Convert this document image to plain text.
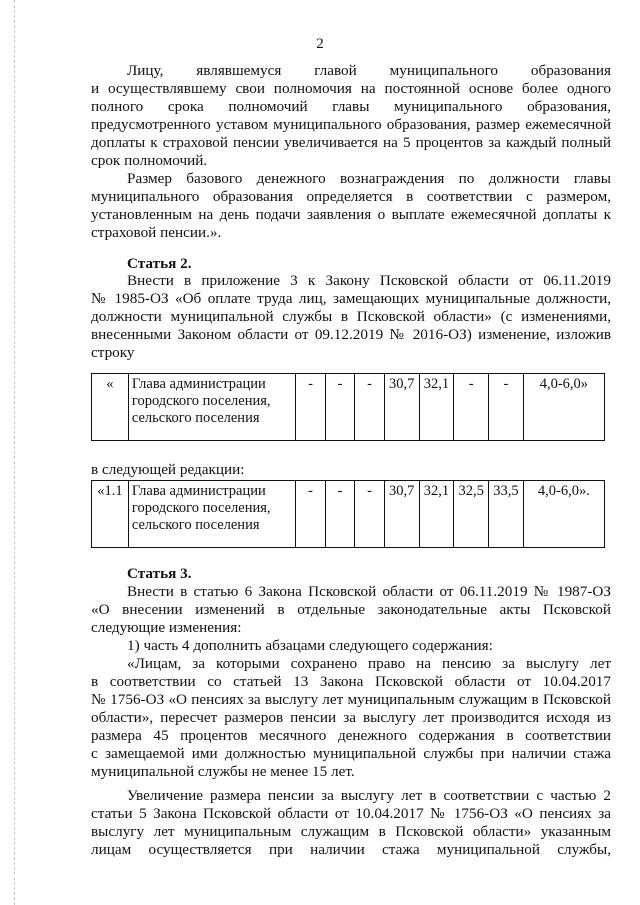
2
Лицу, являвшемуся главой муниципального образования
и осуществлявшему свои полномочия на постоянной основе более одного
полного срока полномочий главы муниципального образования,
предусмотренного уставом муниципального образования, размер ежемесячной
доплаты к страховой пенсии увеличивается на 5 процентов за каждый полный
срок полномочий.
Размер базового денежного вознаграждения по должности главы
муниципального образования определяется в соответствии с размером,
установленным на день подачи заявления о выплате ежемесячной доплаты к
страховой пенсии.».
Статья 2.
Внести в приложение 3 к Закону Псковской области от 06.11.2019
№ 1985-ОЗ «Об оплате труда лиц, замещающих муниципальные должности,
должности муниципальной службы в Псковской области» (с изменениями,
внесенными Законом области от 09.12.2019 № 2016-ОЗ) изменение, изложив
строку
«	Глава администрации
городского поселения,
сельского поселения	-	-	-	30,7	32,1	-	-	4,0-6,0»
в следующей редакции:
«1.1	Глава администрации
городского поселения,
сельского поселения	-	-	-	30,7	32,1	32,5	33,5	4,0-6,0».
Статья 3.
Внести в статью 6 Закона Псковской области от 06.11.2019 № 1987-ОЗ
«О внесении изменений в отдельные законодательные акты Псковской
следующие изменения:
1) часть 4 дополнить абзацами следующего содержания:
«Лицам, за которыми сохранено право на пенсию за выслугу лет
в соответствии со статьей 13 Закона Псковской области от 10.04.2017
№ 1756-ОЗ «О пенсиях за выслугу лет муниципальным служащим в Псковской
области», пересчет размеров пенсии за выслугу лет производится исходя из
размера 45 процентов месячного денежного содержания в соответствии
с замещаемой ими должностью муниципальной службы при наличии стажа
муниципальной службы не менее 15 лет.
Увеличение размера пенсии за выслугу лет в соответствии с частью 2
статьи 5 Закона Псковской области от 10.04.2017 № 1756-ОЗ «О пенсиях за
выслугу лет муниципальным служащим в Псковской области» указанным
лицам осуществляется при наличии стажа муниципальной службы,
